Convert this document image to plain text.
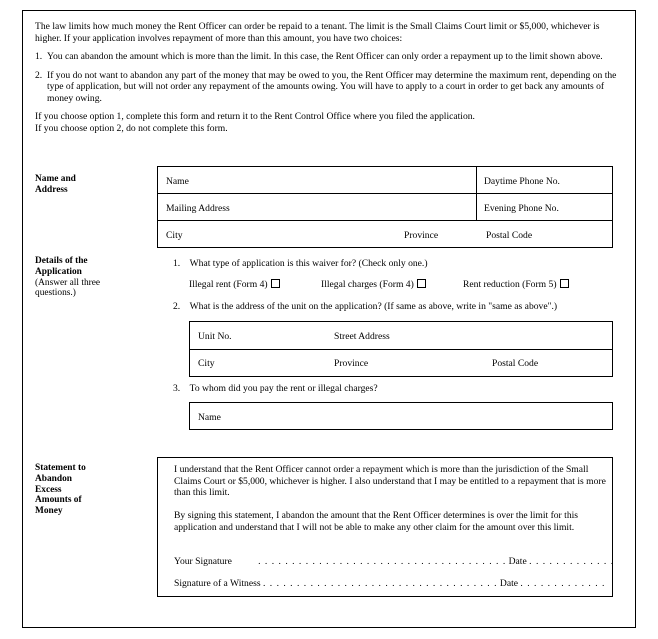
The law limits how much money the Rent Officer can order be repaid to a tenant. The limit is the Small Claims Court limit or $5,000, whichever is higher. If your application involves repayment of more than this amount, you have two choices:

1. You can abandon the amount which is more than the limit. In this case, the Rent Officer can only order a repayment up to the limit shown above.

2. If you do not want to abandon any part of the money that may be owed to you, the Rent Officer may determine the maximum rent, depending on the type of application, but will not order any repayment of the amounts owing. You will have to apply to a court in order to get back any amounts of money owing.

If you choose option 1, complete this form and return it to the Rent Control Office where you filed the application.
If you choose option 2, do not complete this form.
Name and
Address
Name	Daytime Phone No.
Mailing Address	Evening Phone No.
City	Province	Postal Code
Details of the
Application
(Answer all three
questions.)
1. What type of application is this waiver for? (Check only one.)
Illegal rent (Form 4)	Illegal charges (Form 4)	Rent reduction (Form 5)
2. What is the address of the unit on the application? (If same as above, write in "same as above".)
Unit No.	Street Address
City	Province	Postal Code
3. To whom did you pay the rent or illegal charges?
Name
Statement to
Abandon
Excess
Amounts of
Money
I understand that the Rent Officer cannot order a repayment which is more than the jurisdiction of the Small Claims Court or $5,000, whichever is higher. I also understand that I may be entitled to a repayment that is more than this limit.
By signing this statement, I abandon the amount that the Rent Officer determines is over the limit for this application and understand that I will not be able to make any other claim for the amount over this limit.
Your Signature        . . . . . . . . . . . . . . . . . . . . . . . . . . . . . . . . . . . . . Date . . . . . . . . . . . . .
Signature of a Witness . . . . . . . . . . . . . . . . . . . . . . . . . . . . . . . . . . . Date . . . . . . . . . . . . .
